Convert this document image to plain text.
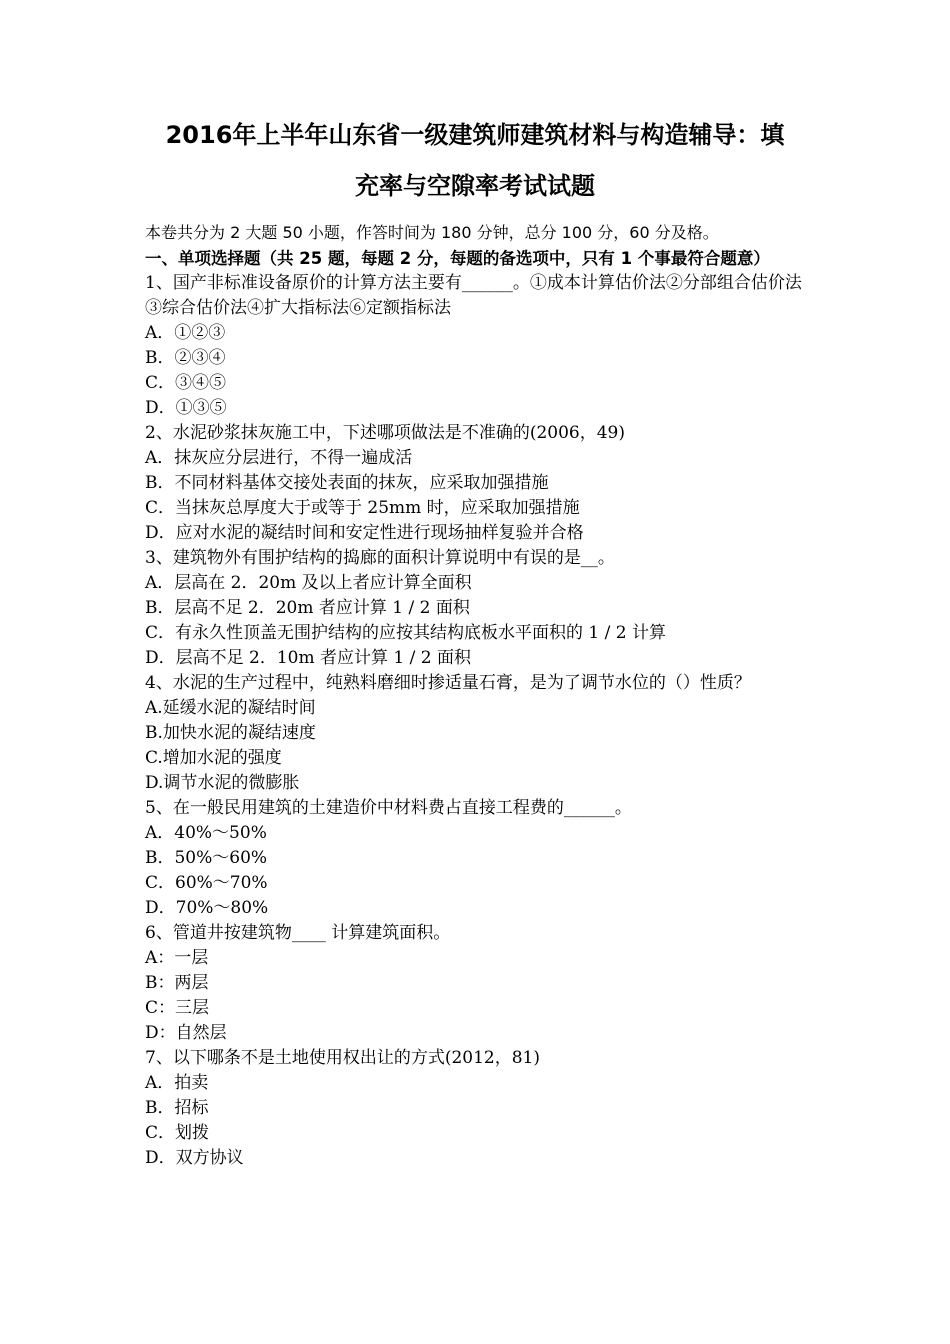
2016年上半年山东省一级建筑师建筑材料与构造辅导：填
充率与空隙率考试试题
本卷共分为 2 大题 50 小题，作答时间为 180 分钟，总分 100 分，60 分及格。
一、单项选择题（共 25 题，每题 2 分，每题的备选项中，只有 1 个事最符合题意）
1、国产非标准设备原价的计算方法主要有______。①成本计算估价法②分部组合估价法③综合估价法④扩大指标法⑥定额指标法
A．①②③
B．②③④
C．③④⑤
D．①③⑤
2、水泥砂浆抹灰施工中，下述哪项做法是不准确的(2006，49)
A．抹灰应分层进行，不得一遍成活
B．不同材料基体交接处表面的抹灰，应采取加强措施
C．当抹灰总厚度大于或等于 25mm 时，应采取加强措施
D．应对水泥的凝结时间和安定性进行现场抽样复验并合格
3、建筑物外有围护结构的捣廊的面积计算说明中有误的是__。
A．层高在 2．20m 及以上者应计算全面积
B．层高不足 2．20m 者应计算 1 / 2 面积
C．有永久性顶盖无围护结构的应按其结构底板水平面积的 1 / 2 计算
D．层高不足 2．10m 者应计算 1 / 2 面积
4、水泥的生产过程中，纯熟料磨细时掺适量石膏，是为了调节水位的（）性质？
A.延缓水泥的凝结时间
B.加快水泥的凝结速度
C.增加水泥的强度
D.调节水泥的微膨胀
5、在一般民用建筑的土建造价中材料费占直接工程费的______。
A．40%～50%
B．50%～60%
C．60%～70%
D．70%～80%
6、管道井按建筑物____ 计算建筑面积。
A：一层
B：两层
C：三层
D：自然层
7、以下哪条不是土地使用权出让的方式(2012，81)
A．拍卖
B．招标
C．划拨
D．双方协议
